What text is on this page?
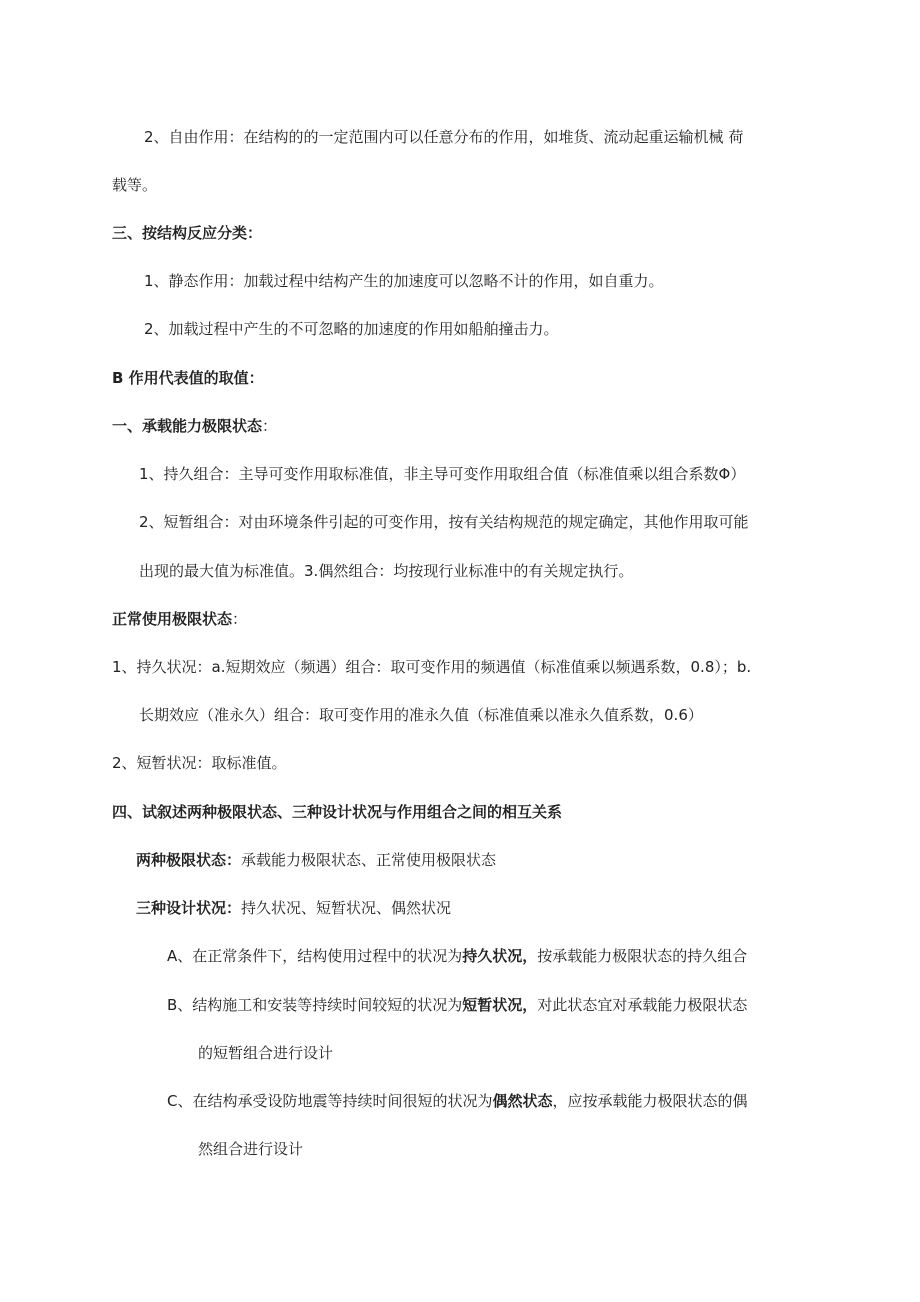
2、自由作用：在结构的的一定范围内可以任意分布的作用，如堆货、流动起重运输机械 荷
载等。
三、按结构反应分类：
1、静态作用：加载过程中结构产生的加速度可以忽略不计的作用，如自重力。
2、加载过程中产生的不可忽略的加速度的作用如船舶撞击力。
B 作用代表值的取值：
一、承载能力极限状态：
1、持久组合：主导可变作用取标准值，非主导可变作用取组合值（标准值乘以组合系数Φ）
2、短暂组合：对由环境条件引起的可变作用，按有关结构规范的规定确定，其他作用取可能
出现的最大值为标准值。3.偶然组合：均按现行业标准中的有关规定执行。
正常使用极限状态：
1、持久状况：a.短期效应（频遇）组合：取可变作用的频遇值（标准值乘以频遇系数，0.8）；b.
长期效应（准永久）组合：取可变作用的准永久值（标准值乘以准永久值系数，0.6）
2、短暂状况：取标准值。
四、试叙述两种极限状态、三种设计状况与作用组合之间的相互关系
两种极限状态：承载能力极限状态、正常使用极限状态
三种设计状况：持久状况、短暂状况、偶然状况
A、在正常条件下，结构使用过程中的状况为持久状况，按承载能力极限状态的持久组合
B、结构施工和安装等持续时间较短的状况为短暂状况，对此状态宜对承载能力极限状态
的短暂组合进行设计
C、在结构承受设防地震等持续时间很短的状况为偶然状态，应按承载能力极限状态的偶
然组合进行设计
